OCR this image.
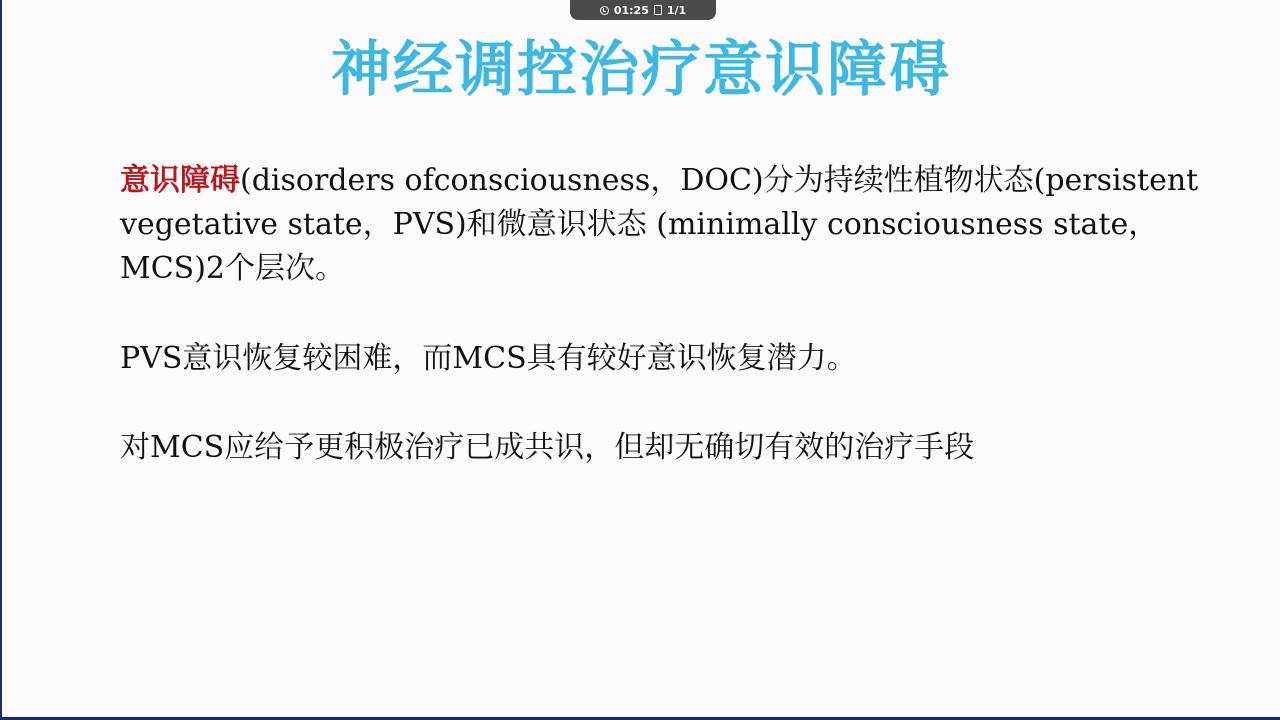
神经调控治疗意识障碍
意识障碍(disorders ofconsciousness，DOC)分为持续性植物状态(persistent vegetative state，PVS)和微意识状态 (minimally consciousness state，MCS)2个层次。
PVS意识恢复较困难，而MCS具有较好意识恢复潜力。
对MCS应给予更积极治疗已成共识，但却无确切有效的治疗手段
01:25 1/1
